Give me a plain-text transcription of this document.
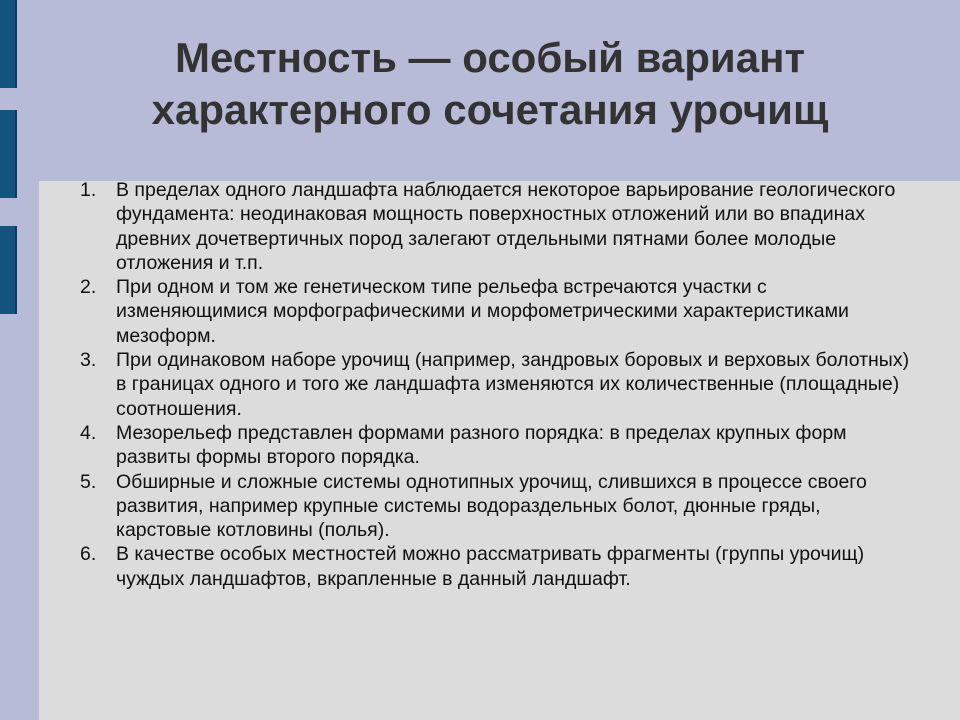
Местность — особый вариант характерного сочетания урочищ
1. В пределах одного ландшафта наблюдается некоторое варьирование геологического фундамента: неодинаковая мощность поверхностных отложений или во впадинах древних дочетвертичных пород залегают отдельными пятнами более молодые отложения и т.п.
2. При одном и том же генетическом типе рельефа встречаются участки с изменяющимися морфографическими и морфометрическими характеристиками мезоформ.
3. При одинаковом наборе урочищ (например, зандровых боровых и верховых болотных) в границах одного и того же ландшафта изменяются их количественные (площадные) соотношения.
4. Мезорельеф представлен формами разного порядка: в пределах крупных форм развиты формы второго порядка.
5. Обширные и сложные системы однотипных урочищ, слившихся в процессе своего развития, например крупные системы водораздельных болот, дюнные гряды, карстовые котловины (полья).
6. В качестве особых местностей можно рассматривать фрагменты (группы урочищ) чуждых ландшафтов, вкрапленные в данный ландшафт.
